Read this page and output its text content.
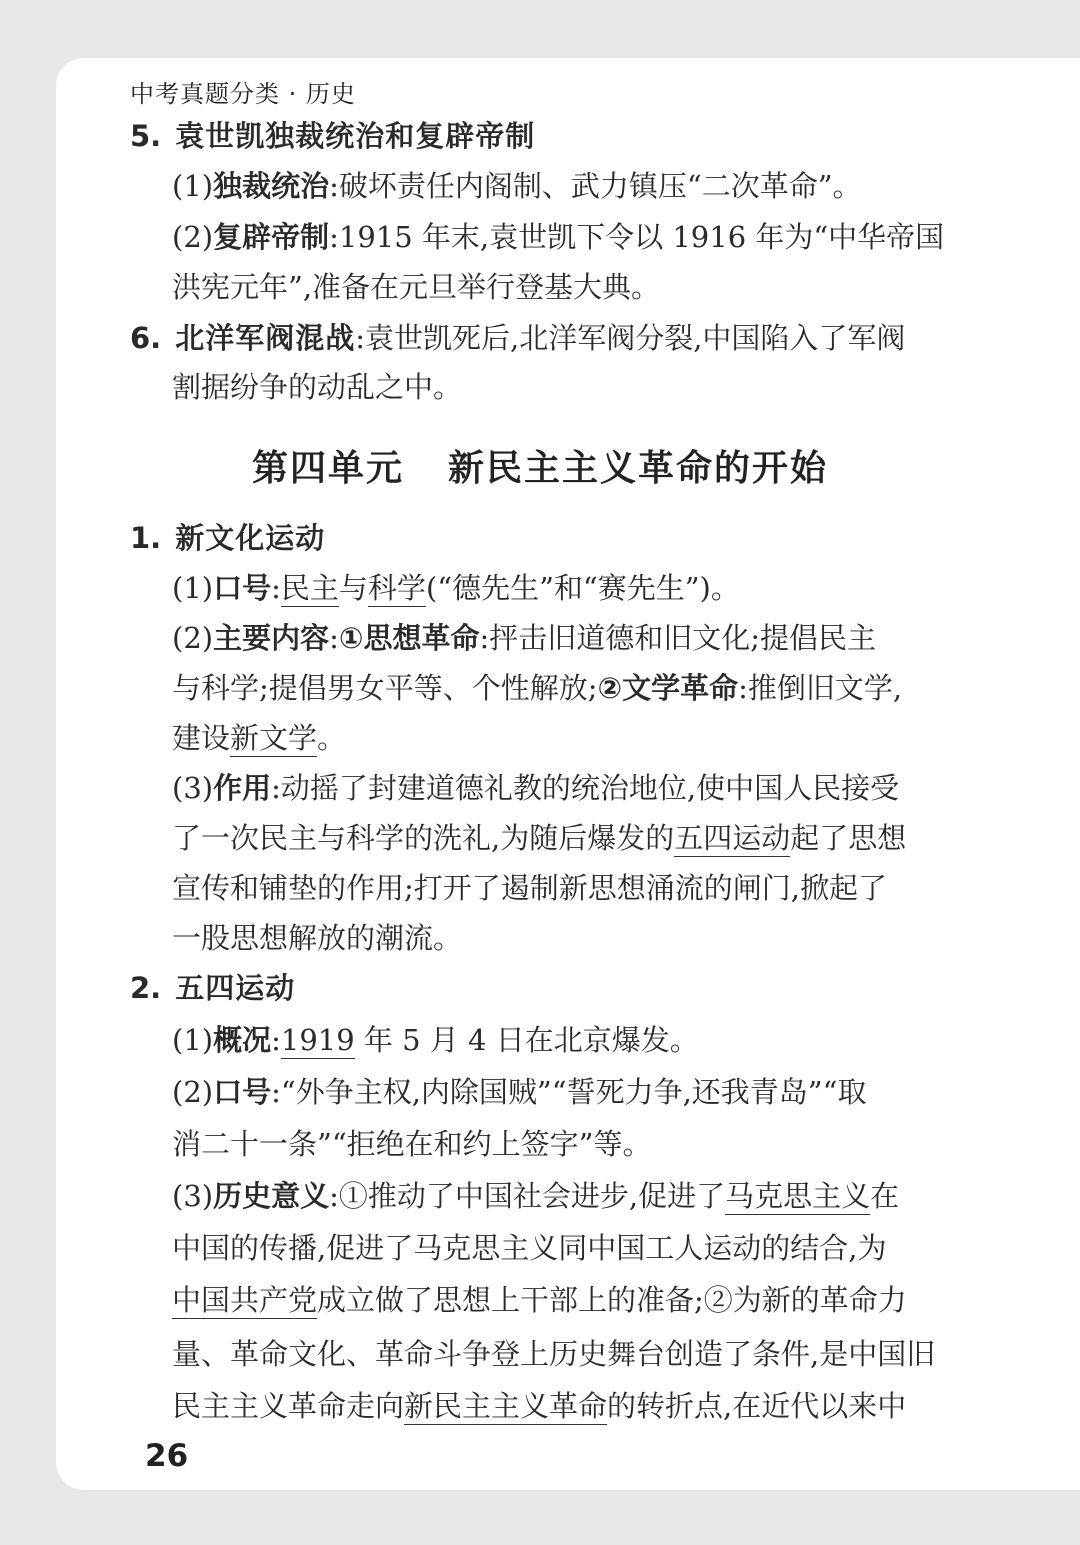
中考真题分类 · 历史
5. 袁世凯独裁统治和复辟帝制
(1)独裁统治:破坏责任内阁制、武力镇压“二次革命”。
(2)复辟帝制:1915 年末,袁世凯下令以 1916 年为“中华帝国
洪宪元年”,准备在元旦举行登基大典。
6. 北洋军阀混战:袁世凯死后,北洋军阀分裂,中国陷入了军阀
割据纷争的动乱之中。
第四单元 新民主主义革命的开始
1. 新文化运动
(1)口号:民主与科学(“德先生”和“赛先生”)。
(2)主要内容:①思想革命:抨击旧道德和旧文化;提倡民主
与科学;提倡男女平等、个性解放;②文学革命:推倒旧文学,
建设新文学。
(3)作用:动摇了封建道德礼教的统治地位,使中国人民接受
了一次民主与科学的洗礼,为随后爆发的五四运动起了思想
宣传和铺垫的作用;打开了遏制新思想涌流的闸门,掀起了
一股思想解放的潮流。
2. 五四运动
(1)概况:1919 年 5 月 4 日在北京爆发。
(2)口号:“外争主权,内除国贼”“誓死力争,还我青岛”“取
消二十一条”“拒绝在和约上签字”等。
(3)历史意义:①推动了中国社会进步,促进了马克思主义在
中国的传播,促进了马克思主义同中国工人运动的结合,为
中国共产党成立做了思想上干部上的准备;②为新的革命力
量、革命文化、革命斗争登上历史舞台创造了条件,是中国旧
民主主义革命走向新民主主义革命的转折点,在近代以来中
26
